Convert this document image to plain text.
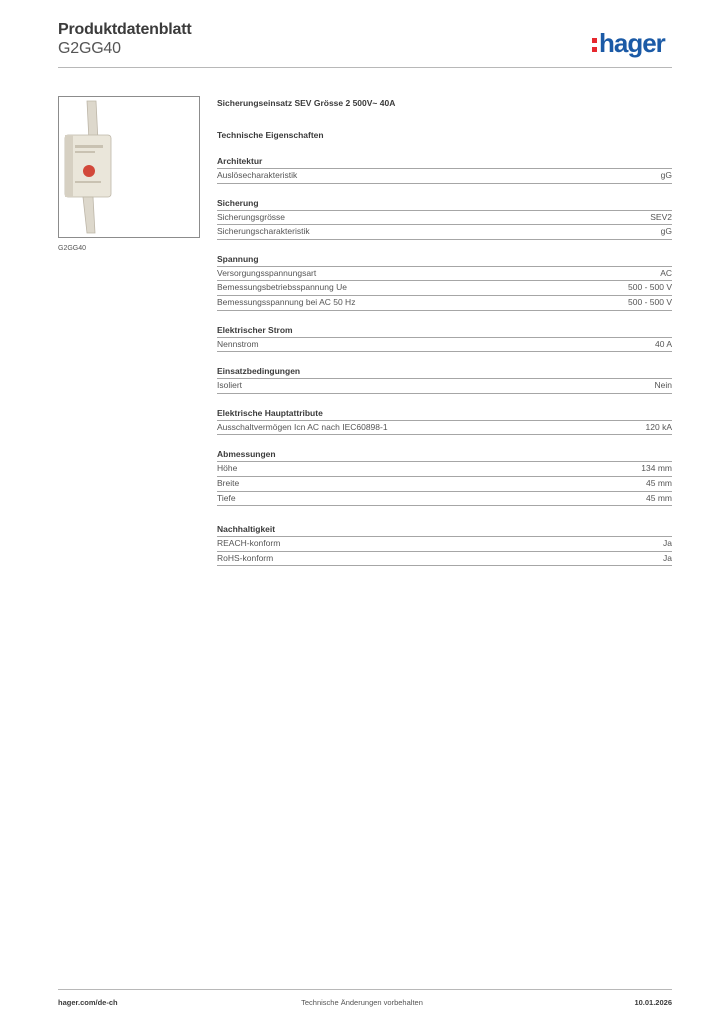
Produktdatenblatt
G2GG40	hager
G2GG40
Sicherungseinsatz SEV Grösse 2 500V~ 40A
Technische Eigenschaften
Architektur
Auslösecharakteristik	gG
Sicherung
Sicherungsgrösse	SEV2
Sicherungscharakteristik	gG
Spannung
Versorgungsspannungsart	AC
Bemessungsbetriebsspannung Ue	500 - 500 V
Bemessungsspannung bei AC 50 Hz	500 - 500 V
Elektrischer Strom
Nennstrom	40 A
Einsatzbedingungen
Isoliert	Nein
Elektrische Hauptattribute
Ausschaltvermögen Icn AC nach IEC60898-1	120 kA
Abmessungen
Höhe	134 mm
Breite	45 mm
Tiefe	45 mm
Nachhaltigkeit
REACH-konform	Ja
RoHS-konform	Ja
hager.com/de-ch	Technische Änderungen vorbehalten	10.01.2026
